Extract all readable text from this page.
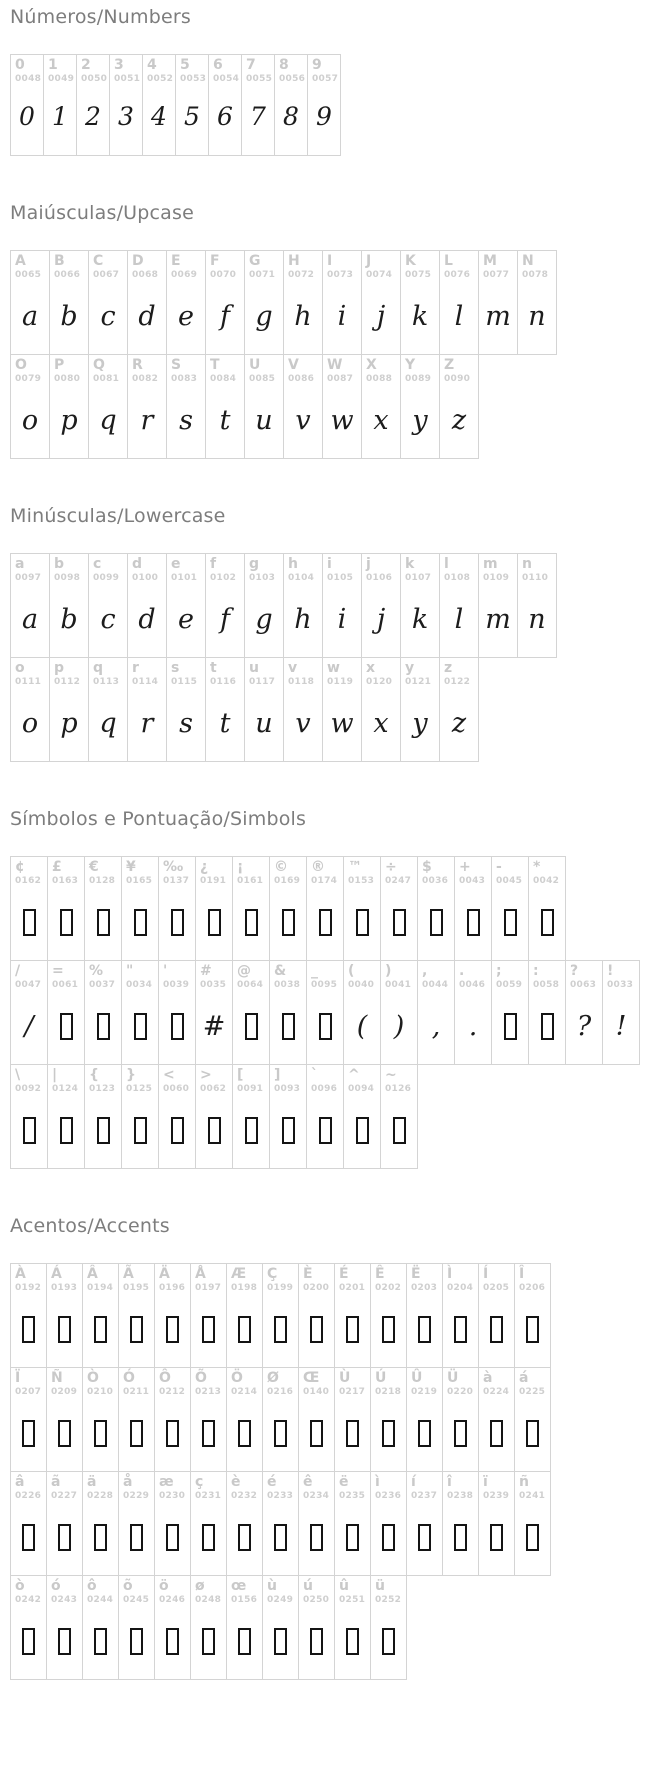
Números/Numbers
0
0048
0
1
0049
1
2
0050
2
3
0051
3
4
0052
4
5
0053
5
6
0054
6
7
0055
7
8
0056
8
9
0057
9
Maiúsculas/Upcase
A
0065
a
B
0066
b
C
0067
c
D
0068
d
E
0069
e
F
0070
f
G
0071
g
H
0072
h
I
0073
i
J
0074
j
K
0075
k
L
0076
l
M
0077
m
N
0078
n
O
0079
o
P
0080
p
Q
0081
q
R
0082
r
S
0083
s
T
0084
t
U
0085
u
V
0086
v
W
0087
w
X
0088
x
Y
0089
y
Z
0090
z
Minúsculas/Lowercase
a
0097
a
b
0098
b
c
0099
c
d
0100
d
e
0101
e
f
0102
f
g
0103
g
h
0104
h
i
0105
i
j
0106
j
k
0107
k
l
0108
l
m
0109
m
n
0110
n
o
0111
o
p
0112
p
q
0113
q
r
0114
r
s
0115
s
t
0116
t
u
0117
u
v
0118
v
w
0119
w
x
0120
x
y
0121
y
z
0122
z
Símbolos e Pontuação/Simbols
¢
0162
£
0163
€
0128
¥
0165
‰
0137
¿
0191
¡
0161
©
0169
®
0174
™
0153
÷
0247
$
0036
+
0043
-
0045
*
0042
/
0047
/
=
0061
%
0037
"
0034
'
0039
#
0035
#
@
0064
&
0038
_
0095
(
0040
(
)
0041
)
,
0044
,
.
0046
.
;
0059
:
0058
?
0063
?
!
0033
!
\
0092
|
0124
{
0123
}
0125
<
0060
>
0062
[
0091
]
0093
`
0096
^
0094
~
0126
Acentos/Accents
À
0192
Á
0193
Â
0194
Ã
0195
Ä
0196
Å
0197
Æ
0198
Ç
0199
È
0200
É
0201
Ê
0202
Ë
0203
Ì
0204
Í
0205
Î
0206
Ï
0207
Ñ
0209
Ò
0210
Ó
0211
Ô
0212
Õ
0213
Ö
0214
Ø
0216
Œ
0140
Ù
0217
Ú
0218
Û
0219
Ü
0220
à
0224
á
0225
â
0226
ã
0227
ä
0228
å
0229
æ
0230
ç
0231
è
0232
é
0233
ê
0234
ë
0235
ì
0236
í
0237
î
0238
ï
0239
ñ
0241
ò
0242
ó
0243
ô
0244
õ
0245
ö
0246
ø
0248
œ
0156
ù
0249
ú
0250
û
0251
ü
0252
